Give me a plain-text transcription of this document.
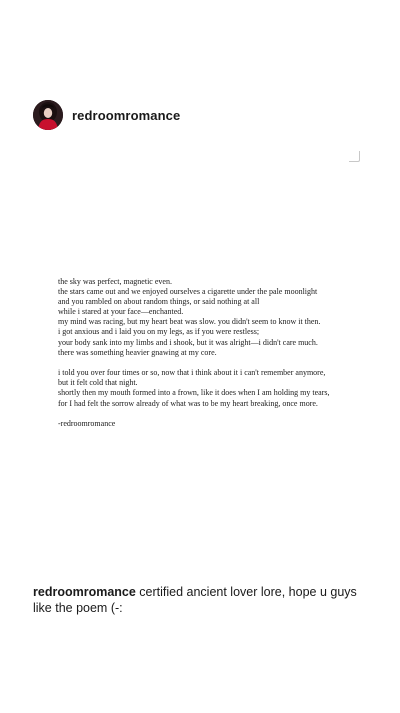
redroomromance
the sky was perfect, magnetic even.
the stars came out and we enjoyed ourselves a cigarette under the pale moonlight
and you rambled on about random things, or said nothing at all
while i stared at your face—enchanted.
my mind was racing, but my heart beat was slow. you didn't seem to know it then.
i got anxious and i laid you on my legs, as if you were restless;
your body sank into my limbs and i shook, but it was alright—i didn't care much.
there was something heavier gnawing at my core.
i told you over four times or so, now that i think about it i can't remember anymore,
but it felt cold that night.
shortly then my mouth formed into a frown, like it does when I am holding my tears,
for I had felt the sorrow already of what was to be my heart breaking, once more.
-redroomromance
redroomromance certified ancient lover lore, hope u guys like the poem (-:
